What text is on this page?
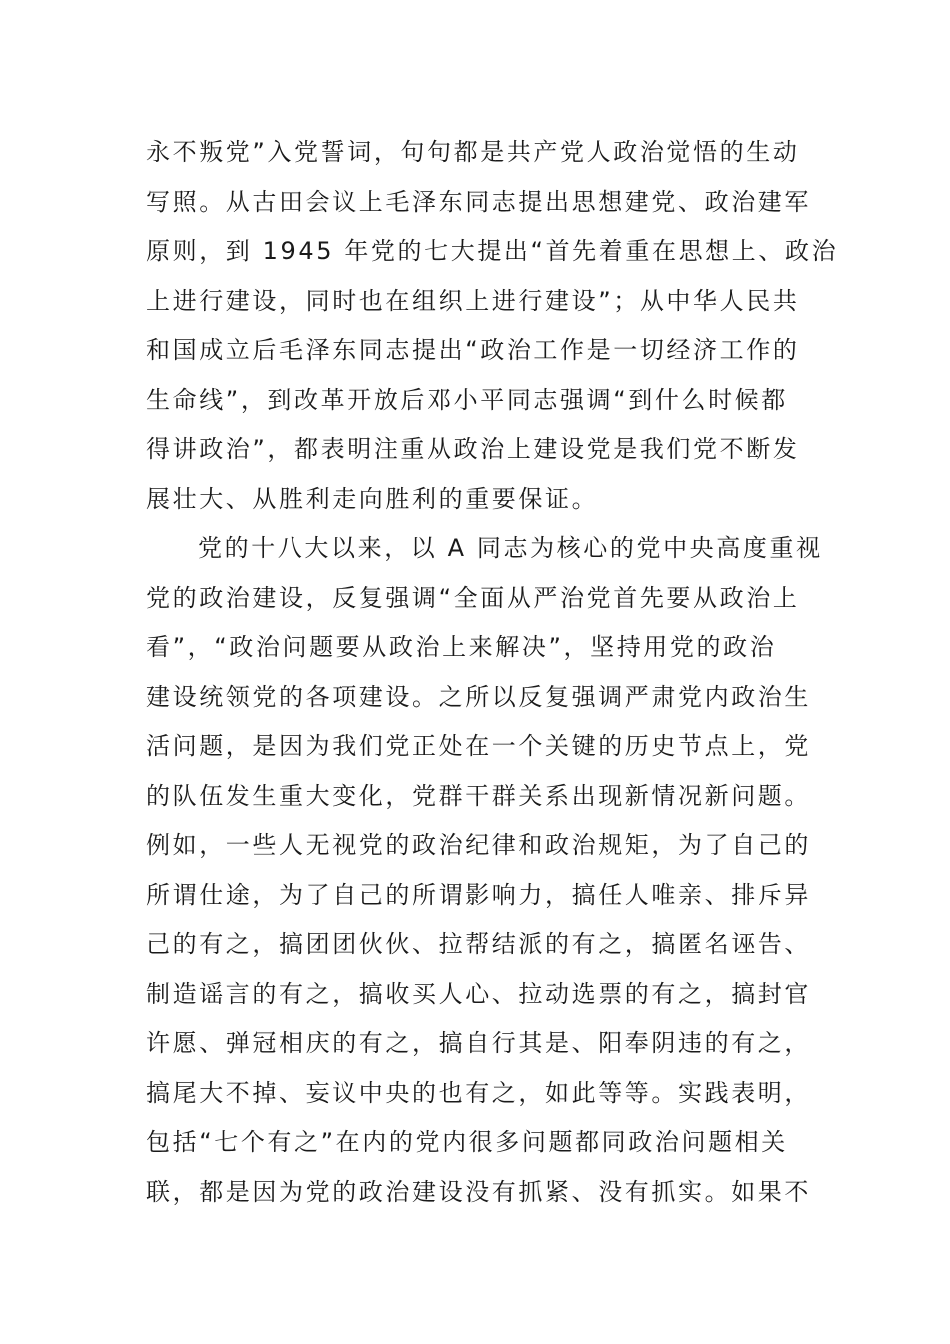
永不叛党”入党誓词，句句都是共产党人政治觉悟的生动
写照。从古田会议上毛泽东同志提出思想建党、政治建军
原则，到 1945 年党的七大提出“首先着重在思想上、政治
上进行建设，同时也在组织上进行建设”；从中华人民共
和国成立后毛泽东同志提出“政治工作是一切经济工作的
生命线”，到改革开放后邓小平同志强调“到什么时候都
得讲政治”，都表明注重从政治上建设党是我们党不断发
展壮大、从胜利走向胜利的重要保证。
党的十八大以来，以 A 同志为核心的党中央高度重视
党的政治建设，反复强调“全面从严治党首先要从政治上
看”，“政治问题要从政治上来解决”，坚持用党的政治
建设统领党的各项建设。之所以反复强调严肃党内政治生
活问题，是因为我们党正处在一个关键的历史节点上，党
的队伍发生重大变化，党群干群关系出现新情况新问题。
例如，一些人无视党的政治纪律和政治规矩，为了自己的
所谓仕途，为了自己的所谓影响力，搞任人唯亲、排斥异
己的有之，搞团团伙伙、拉帮结派的有之，搞匿名诬告、
制造谣言的有之，搞收买人心、拉动选票的有之，搞封官
许愿、弹冠相庆的有之，搞自行其是、阳奉阴违的有之，
搞尾大不掉、妄议中央的也有之，如此等等。实践表明，
包括“七个有之”在内的党内很多问题都同政治问题相关
联，都是因为党的政治建设没有抓紧、没有抓实。如果不
